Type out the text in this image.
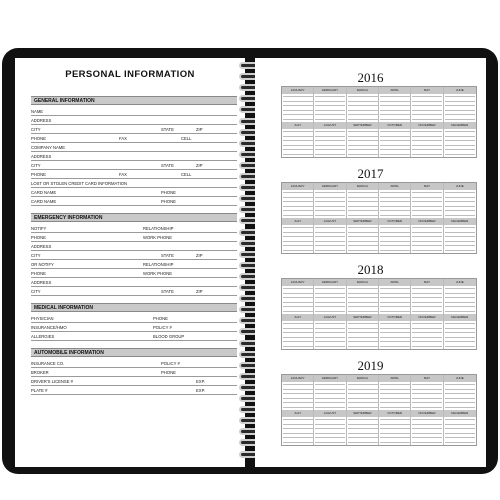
PERSONAL INFORMATION
GENERAL INFORMATION
NAME
ADDRESS
CITY	STATE	ZIP
PHONE	FAX	CELL
COMPANY NAME
ADDRESS
CITY	STATE	ZIP
PHONE	FAX	CELL
LOST OR STOLEN CREDIT CARD INFORMATION
CARD NAME	PHONE
CARD NAME	PHONE
EMERGENCY INFORMATION
NOTIFY	RELATIONSHIP
PHONE	WORK PHONE
ADDRESS
CITY	STATE	ZIP
OR NOTIFY	RELATIONSHIP
PHONE	WORK PHONE
ADDRESS
CITY	STATE	ZIP
MEDICAL INFORMATION
PHYSICIAN	PHONE
INSURANCE/HMO	POLICY #
ALLERGIES	BLOOD GROUP
AUTOMOBILE INFORMATION
INSURANCE CO.	POLICY #
BROKER	PHONE
DRIVER'S LICENSE #	EXP.
PLATE #	EXP.
2016
JANUARY	FEBRUARY	MARCH	APRIL	MAY	JUNE
JULY	AUGUST	SEPTEMBER	OCTOBER	NOVEMBER	DECEMBER
2017
JANUARY	FEBRUARY	MARCH	APRIL	MAY	JUNE
JULY	AUGUST	SEPTEMBER	OCTOBER	NOVEMBER	DECEMBER
2018
JANUARY	FEBRUARY	MARCH	APRIL	MAY	JUNE
JULY	AUGUST	SEPTEMBER	OCTOBER	NOVEMBER	DECEMBER
2019
JANUARY	FEBRUARY	MARCH	APRIL	MAY	JUNE
JULY	AUGUST	SEPTEMBER	OCTOBER	NOVEMBER	DECEMBER
